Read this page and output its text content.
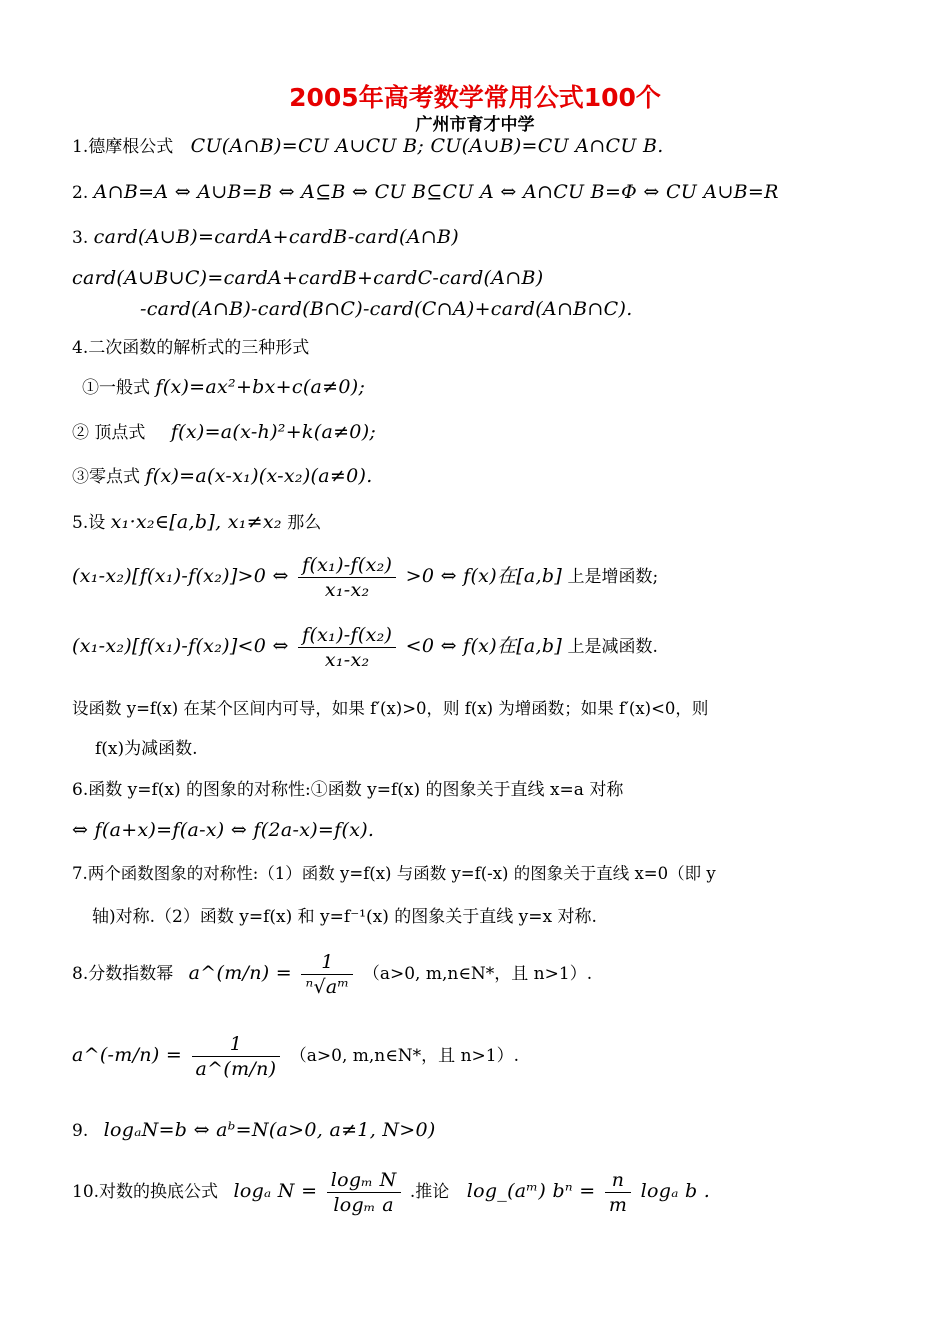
2005年高考数学常用公式100个
广州市育才中学
1.德摩根公式 CU(A∩B)=CU A∪CU B; CU(A∪B)=CU A∩CU B.
2. A∩B=A ⇔ A∪B=B ⇔ A⊆B ⇔ CU B⊆CU A ⇔ A∩CU B=Φ ⇔ CU A∪B=R
3. card(A∪B)=cardA+cardB-card(A∩B)
card(A∪B∪C)=cardA+cardB+cardC-card(A∩B)
-card(A∩B)-card(B∩C)-card(C∩A)+card(A∩B∩C).
4.二次函数的解析式的三种形式
①一般式 f(x)=ax²+bx+c(a≠0);
② 顶点式 f(x)=a(x-h)²+k(a≠0);
③零点式 f(x)=a(x-x₁)(x-x₂)(a≠0).
5.设 x₁·x₂∈[a,b], x₁≠x₂ 那么
(x₁-x₂)[f(x₁)-f(x₂)]>0 ⇔ $\frac{\text{f(x₁)-f(x₂)}}{\text{x₁-x₂}} >0$ ⇔ f(x)在[a,b] 上是增函数;
(x₁-x₂)[f(x₁)-f(x₂)]<0 ⇔ $\frac{\text{f(x₁)-f(x₂)}}{\text{x₁-x₂}} <0$ ⇔ f(x)在[a,b] 上是减函数.
设函数 y=f(x) 在某个区间内可导，如果 f′(x)>0，则 f(x) 为增函数；如果 f′(x)<0，则
f(x)为减函数.
6.函数 y=f(x) 的图象的对称性:①函数 y=f(x) 的图象关于直线 x=a 对称
⇔ f(a+x)=f(a-x) ⇔ f(2a-x)=f(x).
7.两个函数图象的对称性:（1）函数 y=f(x) 与函数 y=f(-x) 的图象关于直线 x=0（即 y
轴)对称.（2）函数 y=f(x) 和 y=f⁻¹(x) 的图象关于直线 y=x 对称.
8.分数指数幂 a^(m/n) = $\frac{1}{\text{ⁿ√aᵐ}} (a>0$, m,n∈N*，且 n>1）.
a^(-m/n) = $\frac{1}{a\^{}(m/n)} (a>0$, m,n∈N*，且 n>1）.
9. logₐN=b ⇔ aᵇ=N(a>0, a≠1, N>0)
10.对数的换底公式 logₐ $N = \frac{\text{logₘ N}}{\text{logₘ a}}$ .推论 log_(aᵐ) $b^n = \frac{n}{m}$ logₐ b .
